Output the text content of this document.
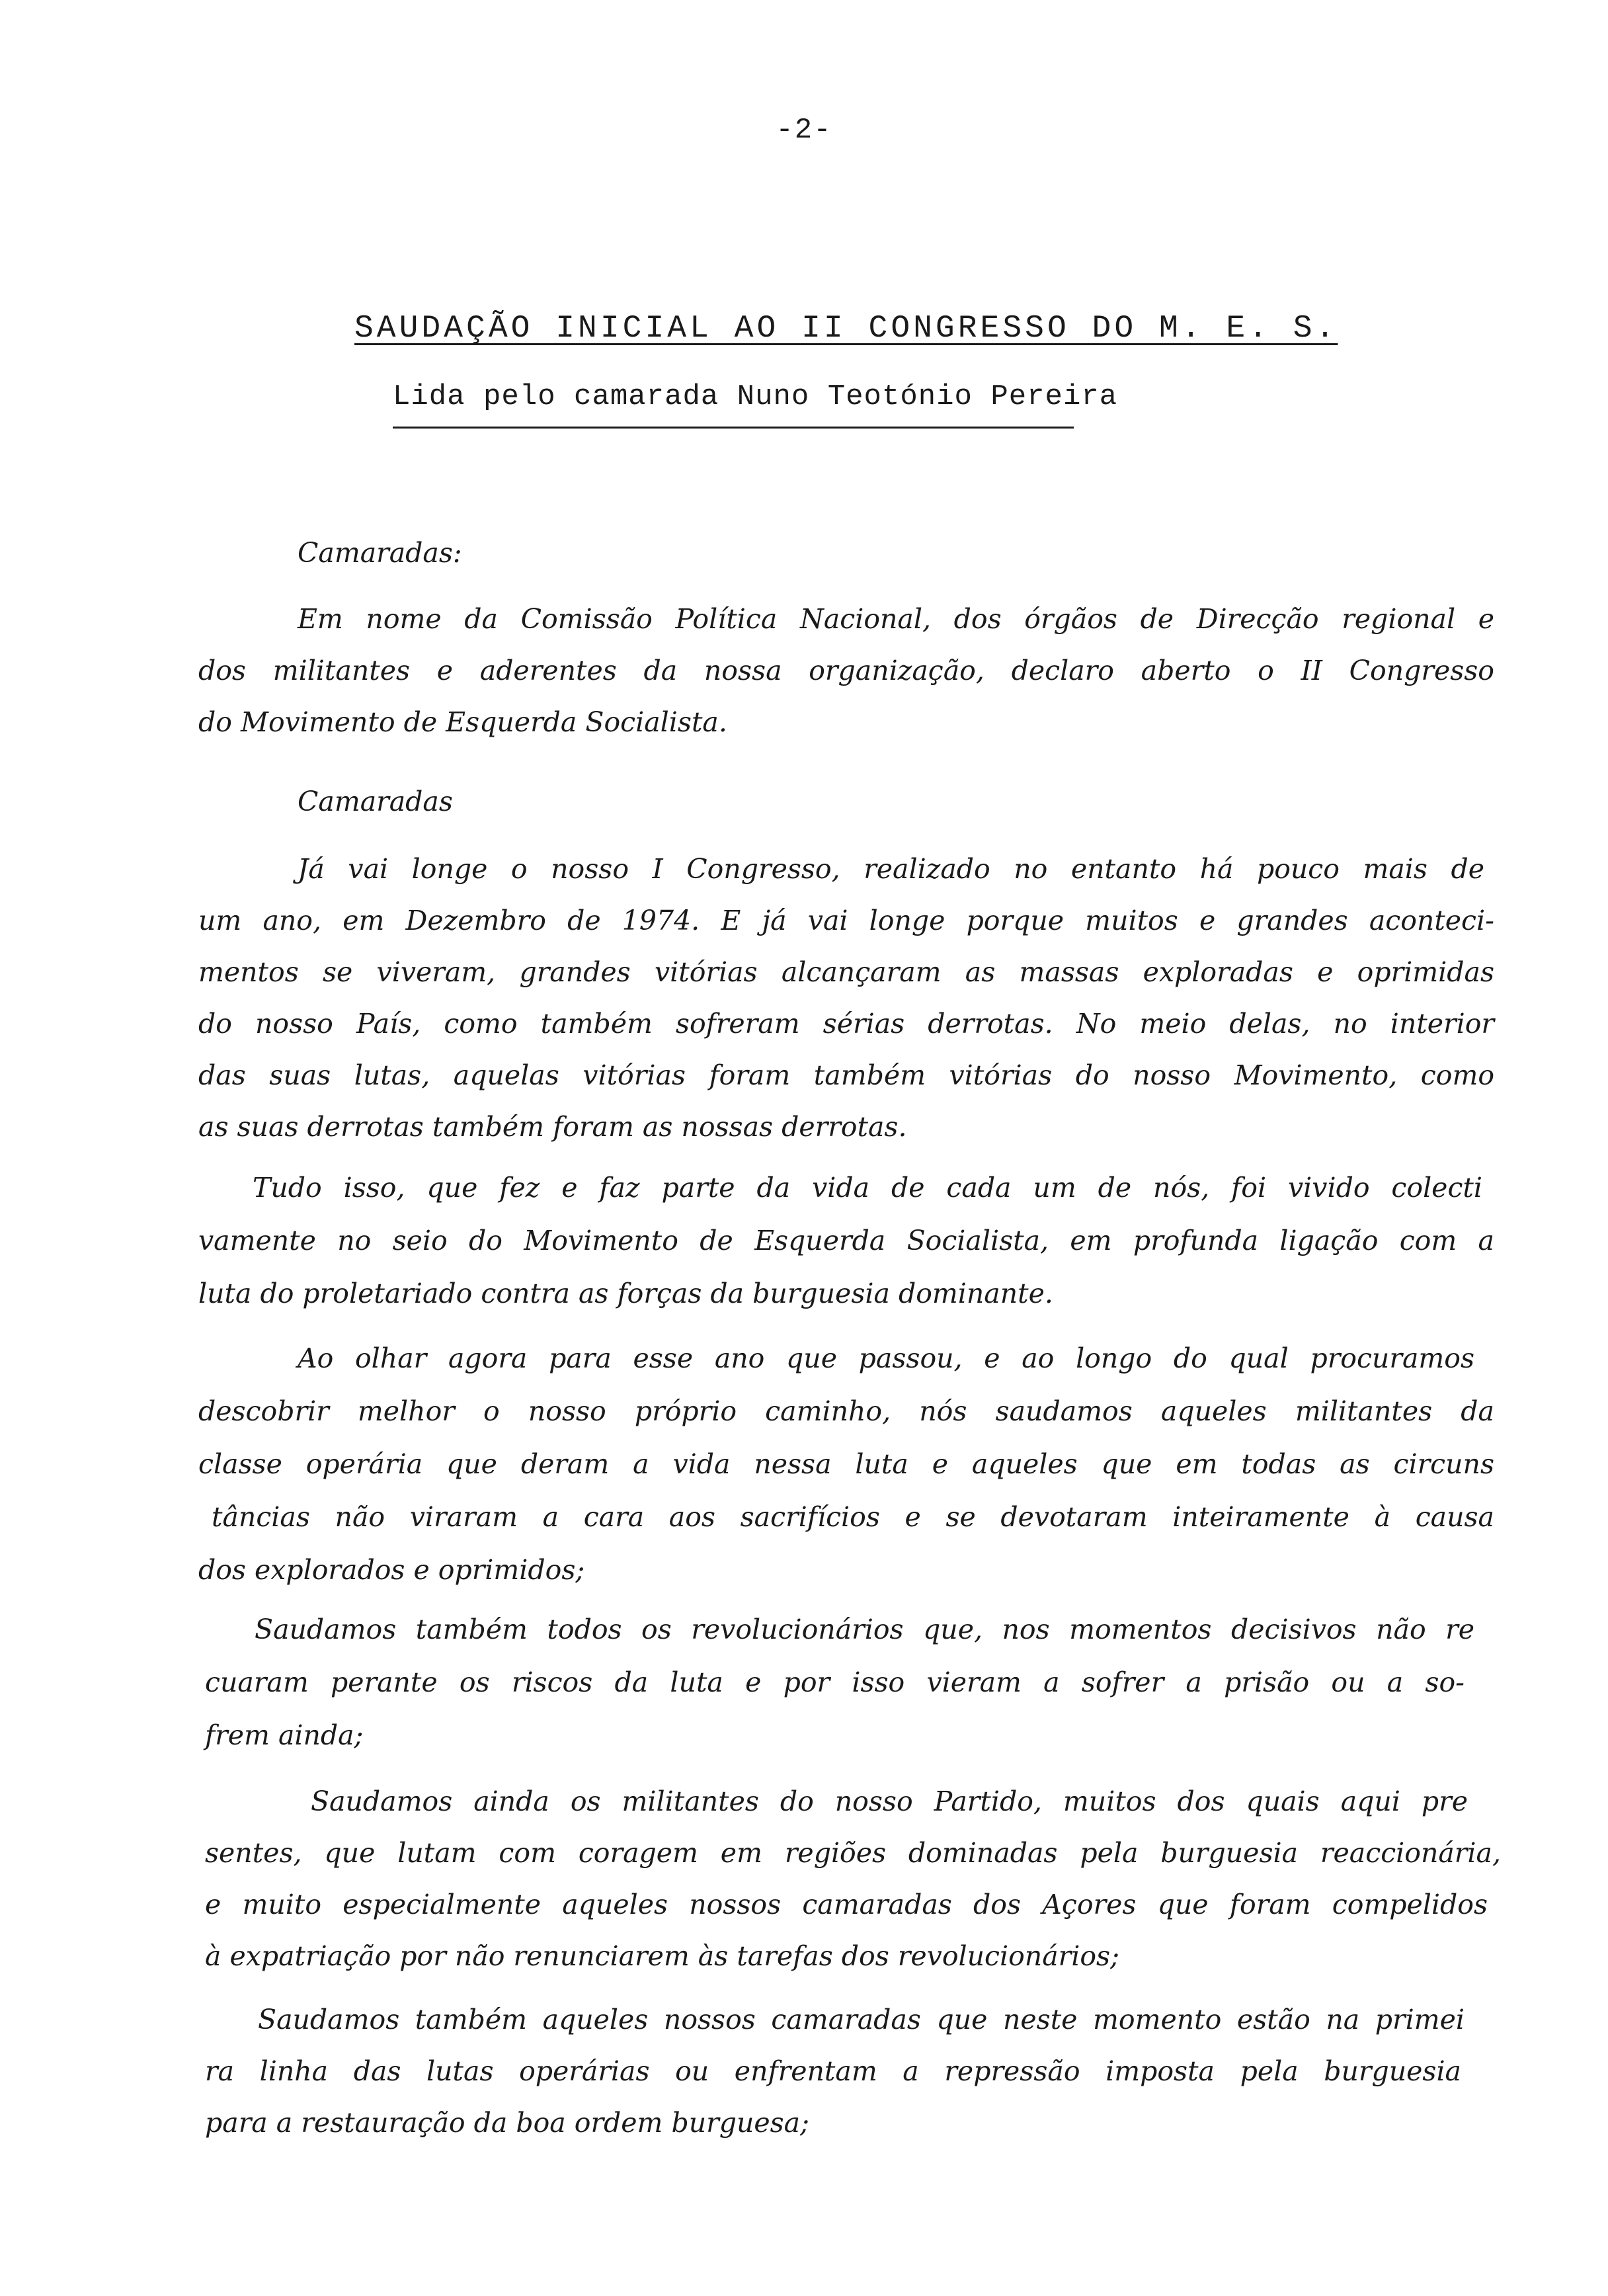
-2-
SAUDAÇÃO INICIAL AO II CONGRESSO DO M. E. S.
Lida pelo camarada Nuno Teotónio Pereira
Camaradas:
Em nome da Comissão Política Nacional, dos órgãos de Direcção regional e
dos militantes e aderentes da nossa organização, declaro aberto o II Congresso
do Movimento de Esquerda Socialista.
Camaradas
Já vai longe o nosso I Congresso, realizado no entanto há pouco mais de
um ano, em Dezembro de 1974. E já vai longe porque muitos e grandes aconteci-
mentos se viveram, grandes vitórias alcançaram as massas exploradas e oprimidas
do nosso País, como também sofreram sérias derrotas. No meio delas, no interior
das suas lutas, aquelas vitórias foram também vitórias do nosso Movimento, como
as suas derrotas também foram as nossas derrotas.
Tudo isso, que fez e faz parte da vida de cada um de nós, foi vivido colecti
vamente no seio do Movimento de Esquerda Socialista, em profunda ligação com a
luta do proletariado contra as forças da burguesia dominante.
Ao olhar agora para esse ano que passou, e ao longo do qual procuramos
descobrir melhor o nosso próprio caminho, nós saudamos aqueles militantes da
classe operária que deram a vida nessa luta e aqueles que em todas as circuns
tâncias não viraram a cara aos sacrifícios e se devotaram inteiramente à causa
dos explorados e oprimidos;
Saudamos também todos os revolucionários que, nos momentos decisivos não re
cuaram perante os riscos da luta e por isso vieram a sofrer a prisão ou a so-
frem ainda;
Saudamos ainda os militantes do nosso Partido, muitos dos quais aqui pre
sentes, que lutam com coragem em regiões dominadas pela burguesia reaccionária,
e muito especialmente aqueles nossos camaradas dos Açores que foram compelidos
à expatriação por não renunciarem às tarefas dos revolucionários;
Saudamos também aqueles nossos camaradas que neste momento estão na primei
ra linha das lutas operárias ou enfrentam a repressão imposta pela burguesia
para a restauração da boa ordem burguesa;
